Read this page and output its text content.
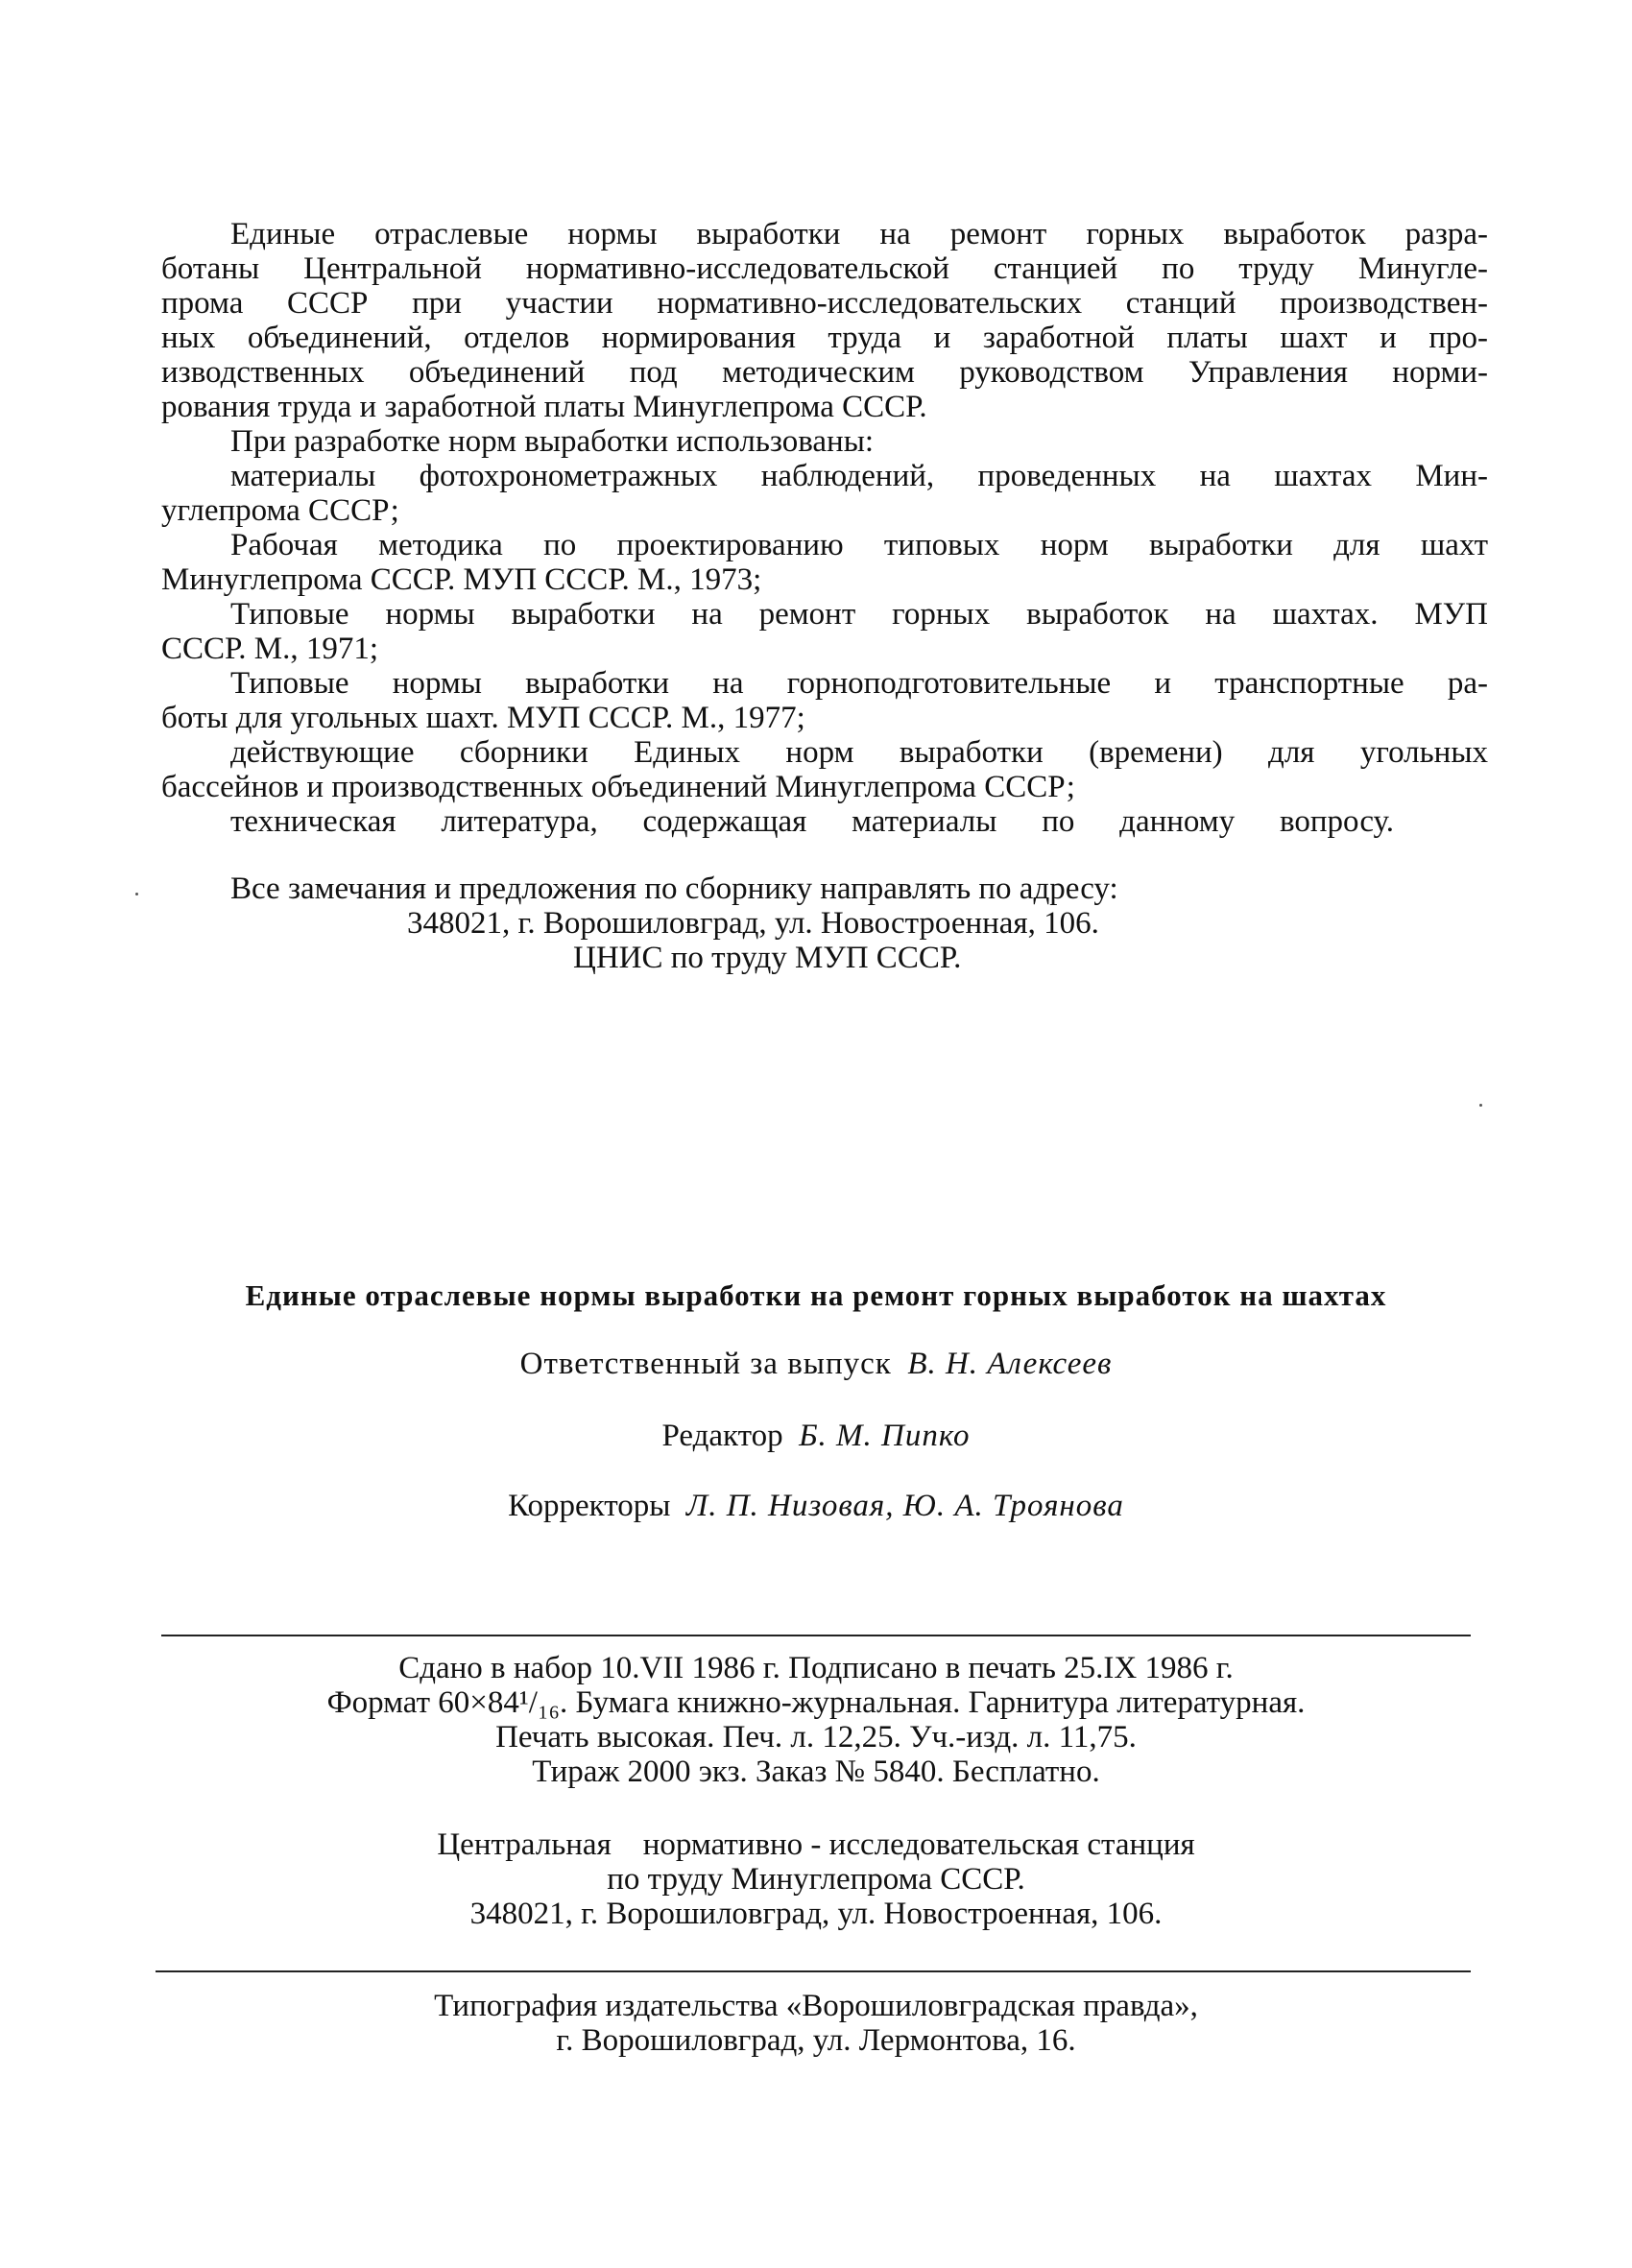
Единые отраслевые нормы выработки на ремонт горных выработок разра-

ботаны Центральной нормативно-исследовательской станцией по труду Минугле-

прома СССР при участии нормативно-исследовательских станций производствен-

ных объединений, отделов нормирования труда и заработной платы шахт и про-

изводственных объединений под методическим руководством Управления норми-

рования труда и заработной платы Минуглепрома СССР.

При разработке норм выработки использованы:

материалы фотохронометражных наблюдений, проведенных на шахтах Мин-

углепрома СССР;

Рабочая методика по проектированию типовых норм выработки для шахт

Минуглепрома СССР. МУП СССР. М., 1973;

Типовые нормы выработки на ремонт горных выработок на шахтах. МУП

СССР. М., 1971;

Типовые нормы выработки на горноподготовительные и транспортные ра-

боты для угольных шахт. МУП СССР. М., 1977;

действующие сборники Единых норм выработки (времени) для угольных

бассейнов и производственных объединений Минуглепрома СССР;

техническая литература, содержащая материалы по данному вопросу.

Все замечания и предложения по сборнику направлять по адресу:

348021, г. Ворошиловград, ул. Новостроенная, 106.

ЦНИС по труду МУП СССР.

Единые отраслевые нормы выработки на ремонт горных выработок на шахтах

Ответственный за выпуск В. Н. Алексеев

Редактор Б. М. Пипко

Корректоры Л. П. Низовая, Ю. А. Троянова

Сдано в набор 10.VII 1986 г. Подписано в печать 25.IX 1986 г.

Формат 60×84¹/₁₆. Бумага книжно-журнальная. Гарнитура литературная.

Печать высокая. Печ. л. 12,25. Уч.-изд. л. 11,75.

Тираж 2000 экз. Заказ № 5840. Бесплатно.

Центральная    нормативно - исследовательская станция

по труду Минуглепрома СССР.

348021, г. Ворошиловград, ул. Новостроенная, 106.

Типография издательства «Ворошиловградская правда»,

г. Ворошиловград, ул. Лермонтова, 16.
